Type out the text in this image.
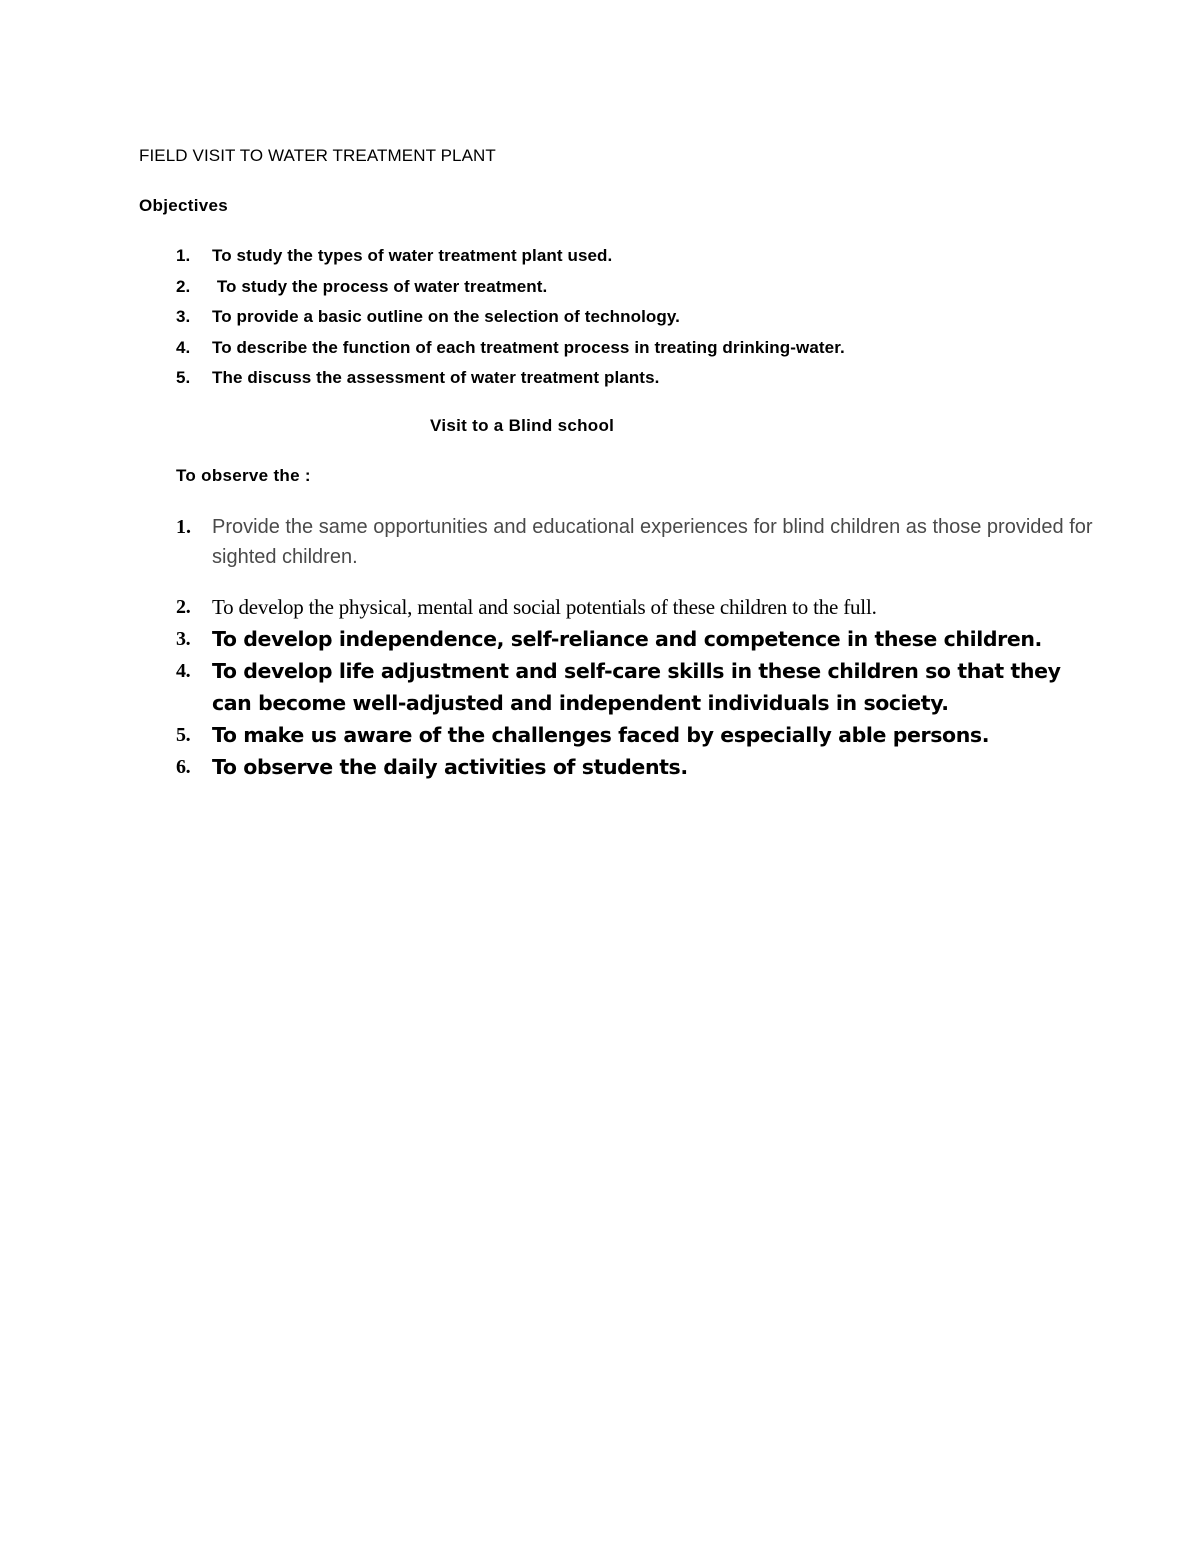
FIELD VISIT TO WATER TREATMENT PLANT
Objectives
1. To study the types of water treatment plant used.
2. To study the process of water treatment.
3. To provide a basic outline on the selection of technology.
4. To describe the function of each treatment process in treating drinking-water.
5. The discuss the assessment of water treatment plants.
Visit to a Blind school
To observe the :
1. Provide the same opportunities and educational experiences for blind children as those provided for sighted children.
2. To develop the physical, mental and social potentials of these children to the full.
3. To develop independence, self-reliance and competence in these children.
4. To develop life adjustment and self-care skills in these children so that they can become well-adjusted and independent individuals in society.
5. To make us aware of the challenges faced by especially able persons.
6. To observe the daily activities of students.
